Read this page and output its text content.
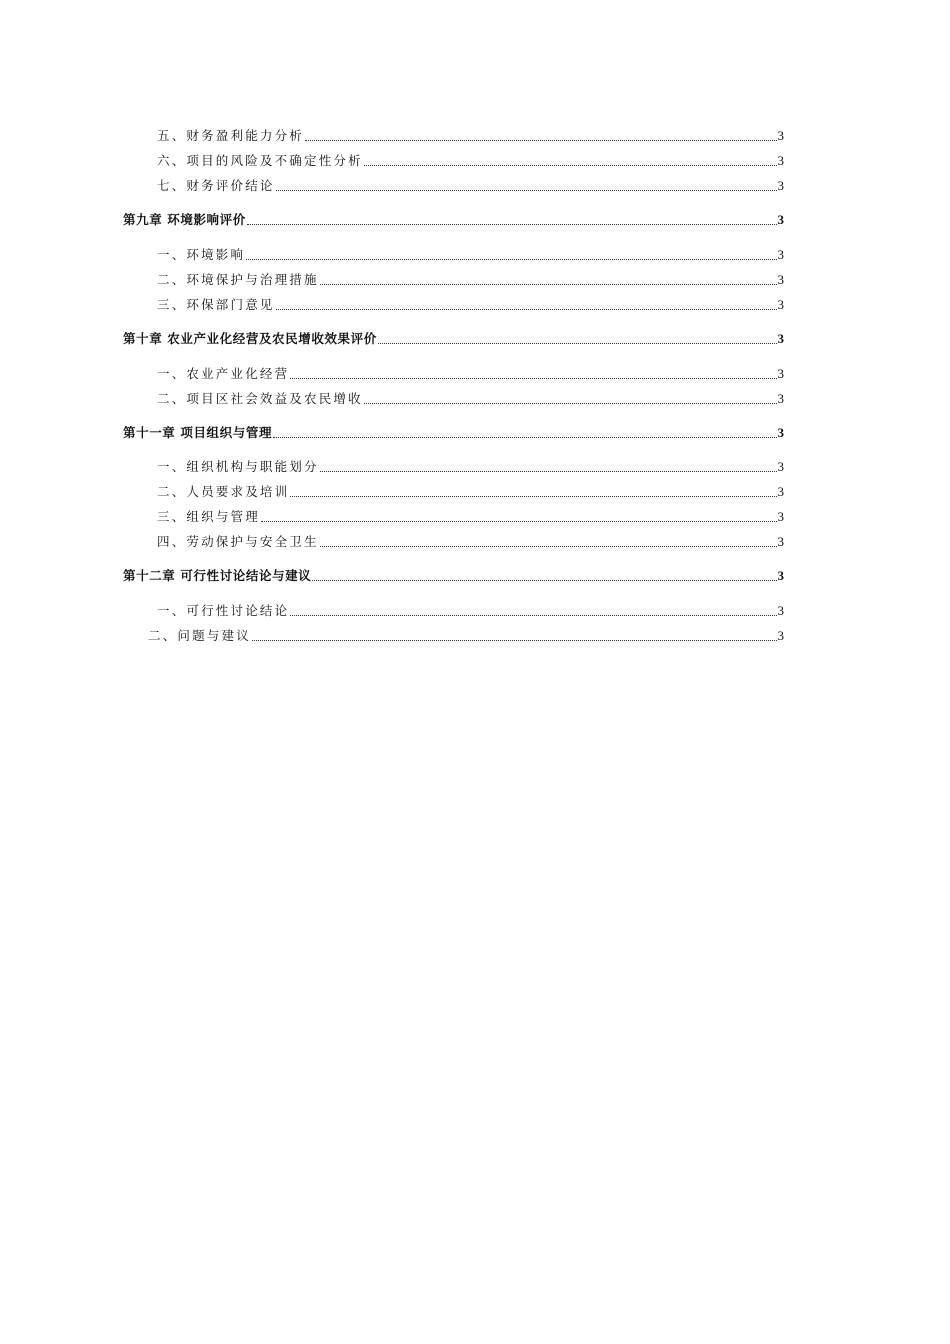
五、财务盈利能力分析	3
六、项目的风险及不确定性分析	3
七、财务评价结论	3
第九章 环境影响评价	3
一、环境影响	3
二、环境保护与治理措施	3
三、环保部门意见	3
第十章 农业产业化经营及农民增收效果评价	3
一、农业产业化经营	3
二、项目区社会效益及农民增收	3
第十一章 项目组织与管理	3
一、组织机构与职能划分	3
二、人员要求及培训	3
三、组织与管理	3
四、劳动保护与安全卫生	3
第十二章 可行性讨论结论与建议	3
一、可行性讨论结论	3
二、问题与建议	3
